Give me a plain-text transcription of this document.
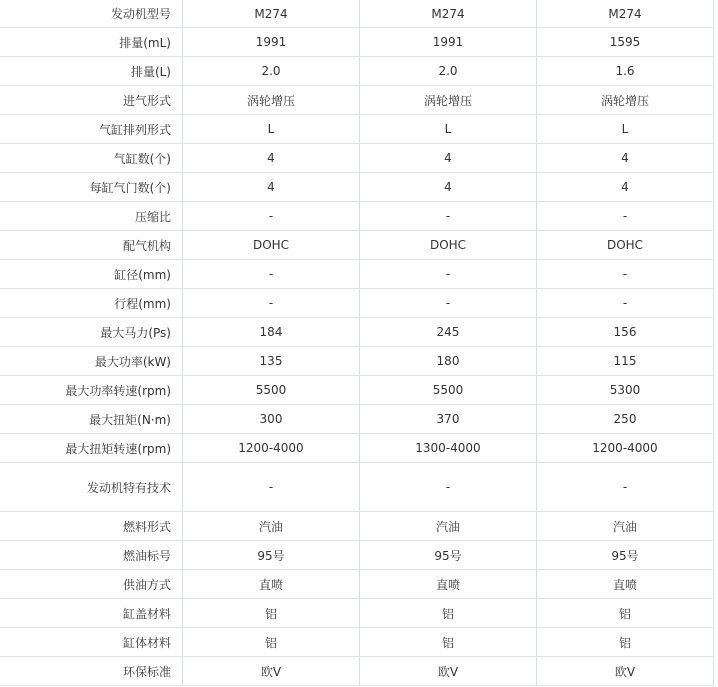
发动机型号	M274	M274	M274
排量(mL)	1991	1991	1595
排量(L)	2.0	2.0	1.6
进气形式	涡轮增压	涡轮增压	涡轮增压
气缸排列形式	L	L	L
气缸数(个)	4	4	4
每缸气门数(个)	4	4	4
压缩比	-	-	-
配气机构	DOHC	DOHC	DOHC
缸径(mm)	-	-	-
行程(mm)	-	-	-
最大马力(Ps)	184	245	156
最大功率(kW)	135	180	115
最大功率转速(rpm)	5500	5500	5300
最大扭矩(N·m)	300	370	250
最大扭矩转速(rpm)	1200-4000	1300-4000	1200-4000
发动机特有技术	-	-	-
燃料形式	汽油	汽油	汽油
燃油标号	95号	95号	95号
供油方式	直喷	直喷	直喷
缸盖材料	铝	铝	铝
缸体材料	铝	铝	铝
环保标准	欧V	欧V	欧V
